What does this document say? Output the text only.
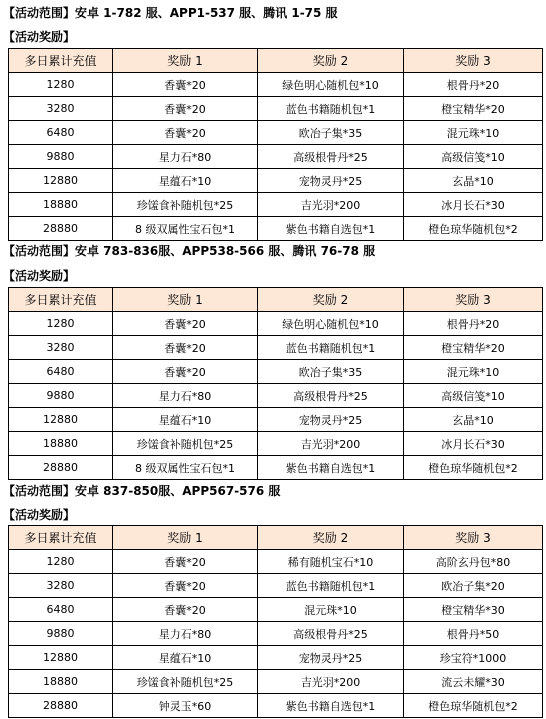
【活动范围】安卓 1-782 服、APP1-537 服、腾讯 1-75 服
【活动奖励】
多日累计充值	奖励 1	奖励 2	奖励 3
1280	香囊*20	绿色明心随机包*10	根骨丹*20
3280	香囊*20	蓝色书籍随机包*1	橙宝精华*20
6480	香囊*20	欧冶子集*35	混元珠*10
9880	星力石*80	高级根骨丹*25	高级信笺*10
12880	星蕴石*10	宠物灵丹*25	玄晶*10
18880	珍馐食补随机包*25	吉光羽*200	冰月长石*30
28880	8 级双属性宝石包*1	紫色书籍自选包*1	橙色琼华随机包*2
【活动范围】安卓 783-836服、APP538-566 服、腾讯 76-78 服
【活动奖励】
多日累计充值	奖励 1	奖励 2	奖励 3
1280	香囊*20	绿色明心随机包*10	根骨丹*20
3280	香囊*20	蓝色书籍随机包*1	橙宝精华*20
6480	香囊*20	欧冶子集*35	混元珠*10
9880	星力石*80	高级根骨丹*25	高级信笺*10
12880	星蕴石*10	宠物灵丹*25	玄晶*10
18880	珍馐食补随机包*25	吉光羽*200	冰月长石*30
28880	8 级双属性宝石包*1	紫色书籍自选包*1	橙色琼华随机包*2
【活动范围】安卓 837-850服、APP567-576 服
【活动奖励】
多日累计充值	奖励 1	奖励 2	奖励 3
1280	香囊*20	稀有随机宝石*10	高阶玄丹包*80
3280	香囊*20	蓝色书籍随机包*1	欧冶子集*20
6480	香囊*20	混元珠*10	橙宝精华*30
9880	星力石*80	高级根骨丹*25	根骨丹*50
12880	星蕴石*10	宠物灵丹*25	珍宝符*1000
18880	珍馐食补随机包*25	吉光羽*200	流云未耀*30
28880	钟灵玉*60	紫色书籍自选包*1	橙色琼华随机包*2
